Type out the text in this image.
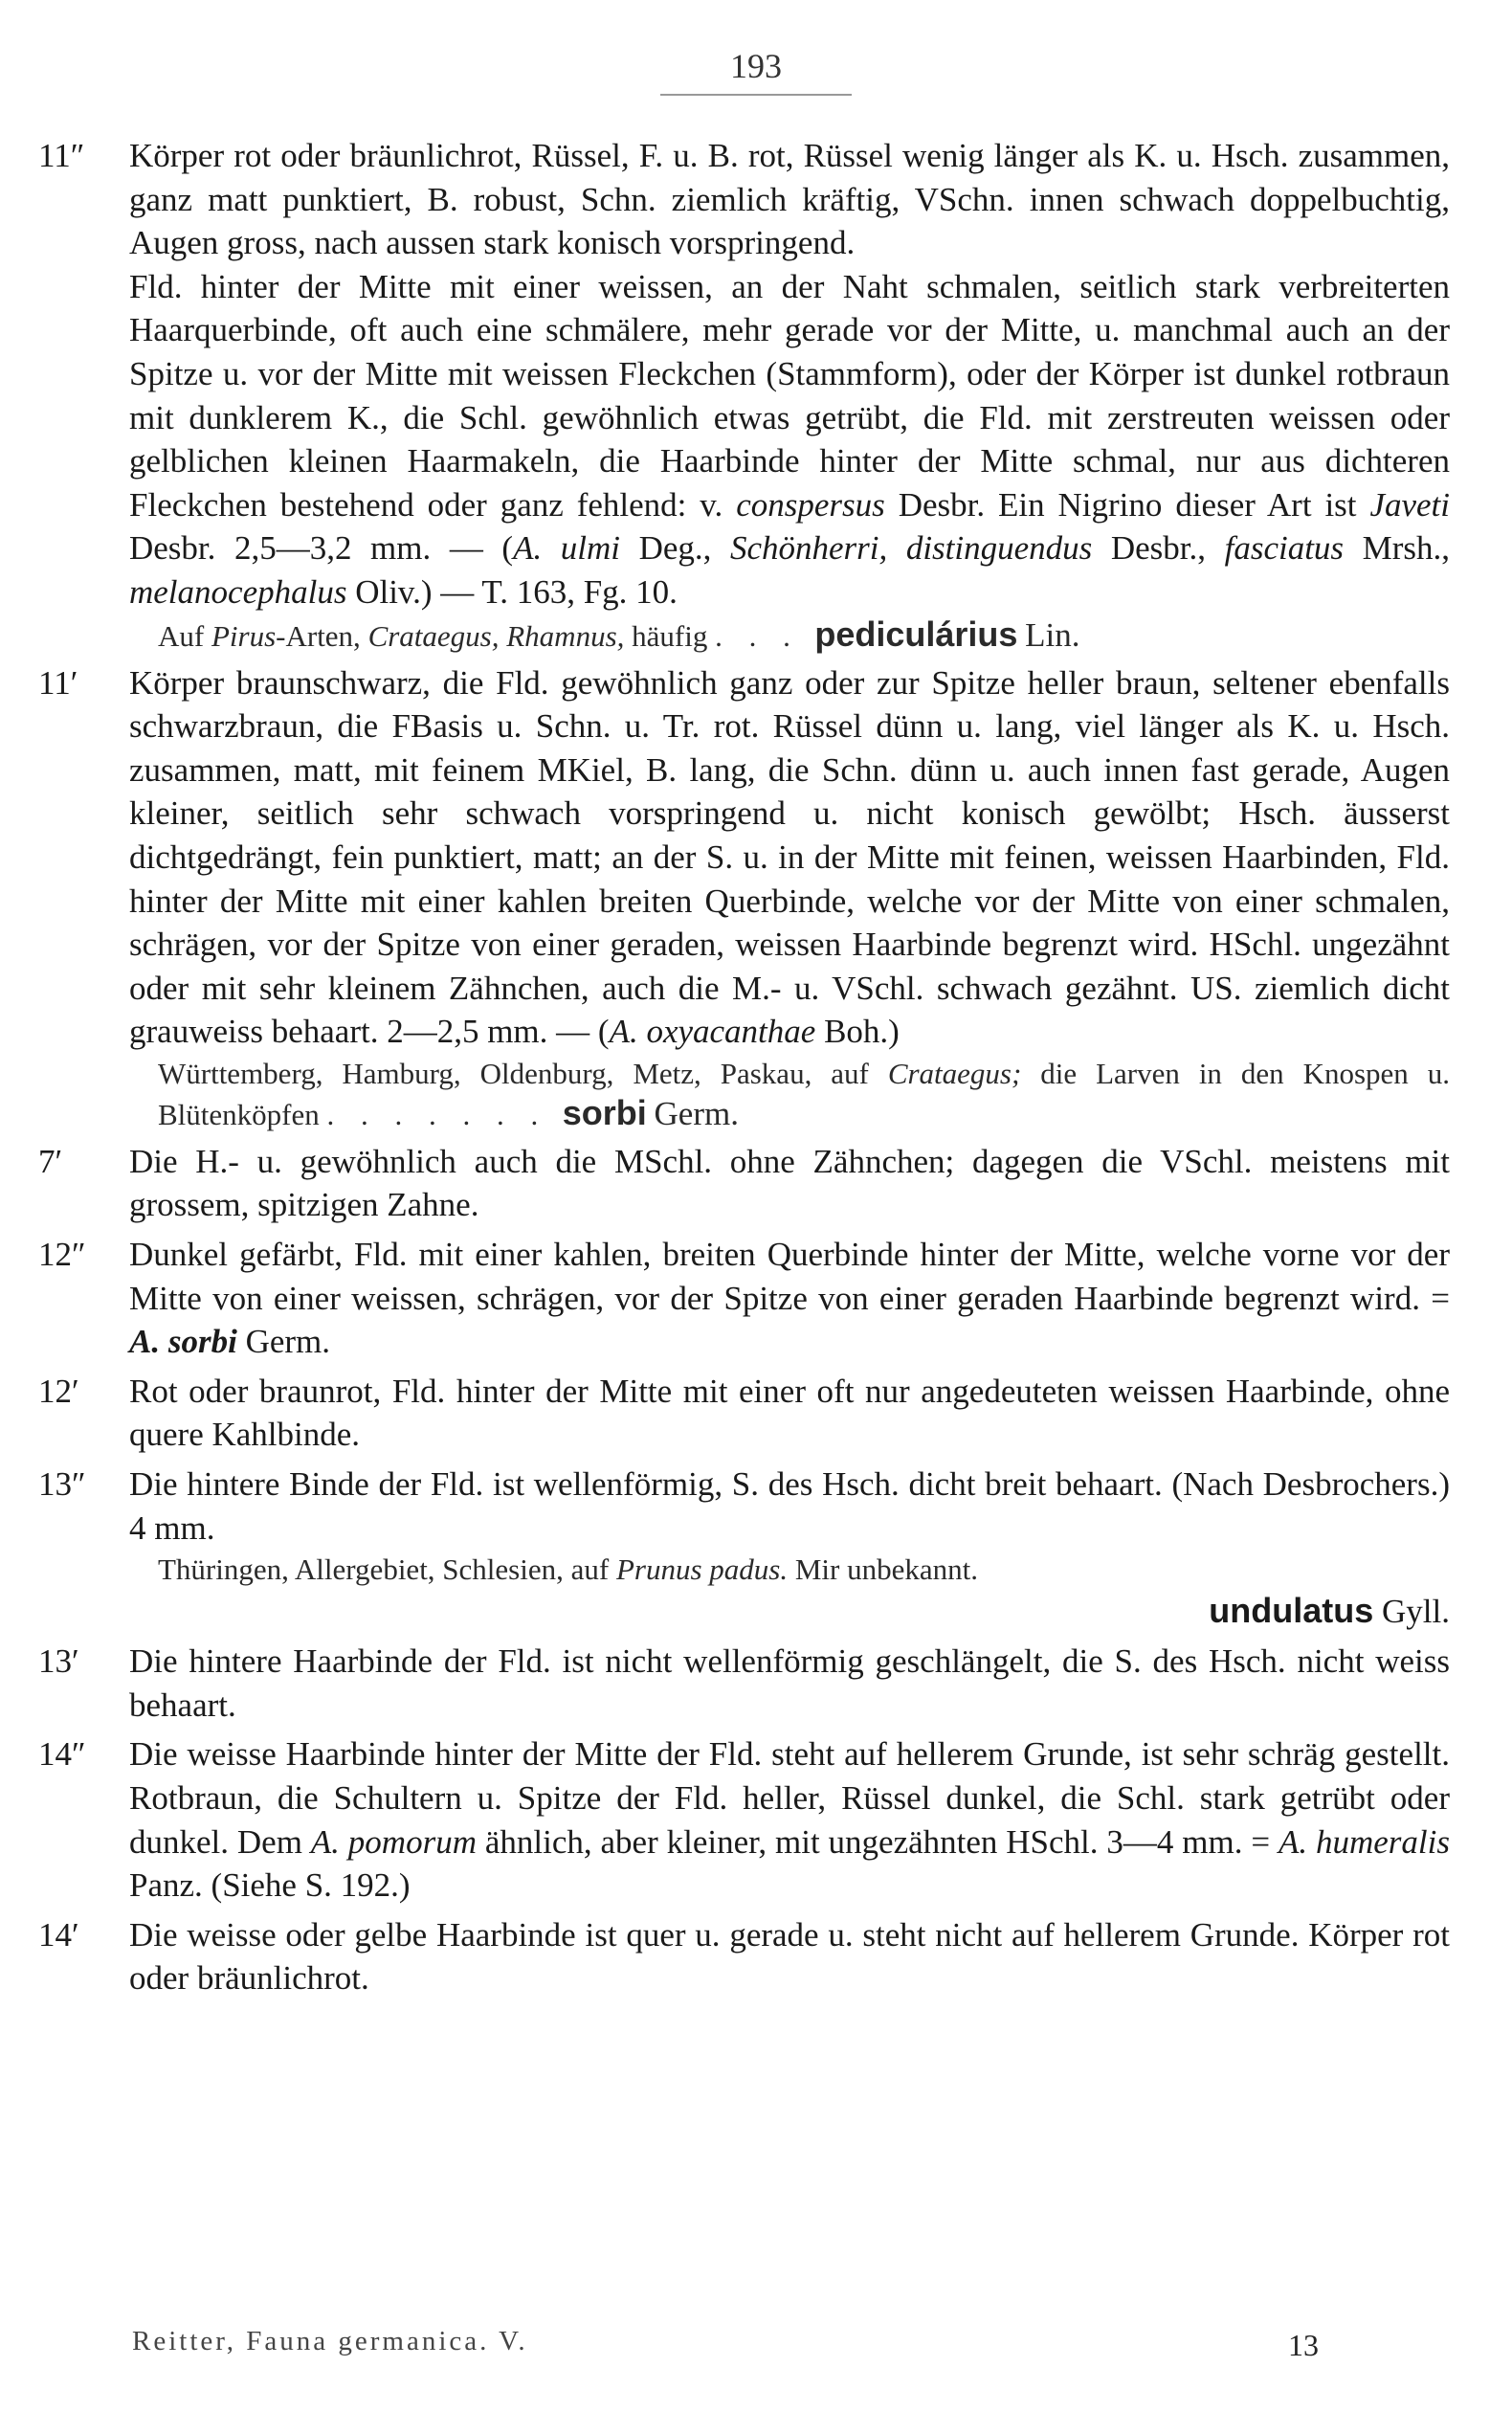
193
11″	Körper rot oder bräunlichrot, Rüssel, F. u. B. rot, Rüssel wenig länger als K. u. Hsch. zusammen, ganz matt punktiert, B. robust, Schn. ziemlich kräftig, VSchn. innen schwach doppelbuchtig, Augen gross, nach aussen stark konisch vorspringend.
Fld. hinter der Mitte mit einer weissen, an der Naht schmalen, seitlich stark verbreiterten Haarquerbinde, oft auch eine schmälere, mehr gerade vor der Mitte, u. manchmal auch an der Spitze u. vor der Mitte mit weissen Fleckchen (Stammform), oder der Körper ist dunkel rotbraun mit dunklerem K., die Schl. gewöhnlich etwas getrübt, die Fld. mit zerstreuten weissen oder gelblichen kleinen Haarmakeln, die Haarbinde hinter der Mitte schmal, nur aus dichteren Fleckchen bestehend oder ganz fehlend: v. conspersus Desbr. Ein Nigrino dieser Art ist Javeti Desbr. 2,5—3,2 mm. — (A. ulmi Deg., Schönherri, distinguendus Desbr., fasciatus Mrsh., melanocephalus Oliv.) — T. 163, Fg. 10.
Auf Pirus-Arten, Crataegus, Rhamnus, häufig . . . pediculárius Lin.
11′	Körper braunschwarz, die Fld. gewöhnlich ganz oder zur Spitze heller braun, seltener ebenfalls schwarzbraun, die FBasis u. Schn. u. Tr. rot. Rüssel dünn u. lang, viel länger als K. u. Hsch. zusammen, matt, mit feinem MKiel, B. lang, die Schn. dünn u. auch innen fast gerade, Augen kleiner, seitlich sehr schwach vorspringend u. nicht konisch gewölbt; Hsch. äusserst dichtgedrängt, fein punktiert, matt; an der S. u. in der Mitte mit feinen, weissen Haarbinden, Fld. hinter der Mitte mit einer kahlen breiten Querbinde, welche vor der Mitte von einer schmalen, schrägen, vor der Spitze von einer geraden, weissen Haarbinde begrenzt wird. HSchl. ungezähnt oder mit sehr kleinem Zähnchen, auch die M.- u. VSchl. schwach gezähnt. US. ziemlich dicht grauweiss behaart. 2—2,5 mm. — (A. oxyacanthae Boh.)
Württemberg, Hamburg, Oldenburg, Metz, Paskau, auf Crataegus; die Larven in den Knospen u. Blütenköpfen . . . . . . . sorbi Germ.
7′	Die H.- u. gewöhnlich auch die MSchl. ohne Zähnchen; dagegen die VSchl. meistens mit grossem, spitzigen Zahne.
12″	Dunkel gefärbt, Fld. mit einer kahlen, breiten Querbinde hinter der Mitte, welche vorne vor der Mitte von einer weissen, schrägen, vor der Spitze von einer geraden Haarbinde begrenzt wird. = A. sorbi Germ.
12′	Rot oder braunrot, Fld. hinter der Mitte mit einer oft nur angedeuteten weissen Haarbinde, ohne quere Kahlbinde.
13″	Die hintere Binde der Fld. ist wellenförmig, S. des Hsch. dicht breit behaart. (Nach Desbrochers.) 4 mm.
Thüringen, Allergebiet, Schlesien, auf Prunus padus. Mir unbekannt.
undulatus Gyll.
13′	Die hintere Haarbinde der Fld. ist nicht wellenförmig geschlängelt, die S. des Hsch. nicht weiss behaart.
14″	Die weisse Haarbinde hinter der Mitte der Fld. steht auf hellerem Grunde, ist sehr schräg gestellt. Rotbraun, die Schultern u. Spitze der Fld. heller, Rüssel dunkel, die Schl. stark getrübt oder dunkel. Dem A. pomorum ähnlich, aber kleiner, mit ungezähnten HSchl. 3—4 mm. = A. humeralis Panz. (Siehe S. 192.)
14′	Die weisse oder gelbe Haarbinde ist quer u. gerade u. steht nicht auf hellerem Grunde. Körper rot oder bräunlichrot.
Reitter, Fauna germanica. V.	13
